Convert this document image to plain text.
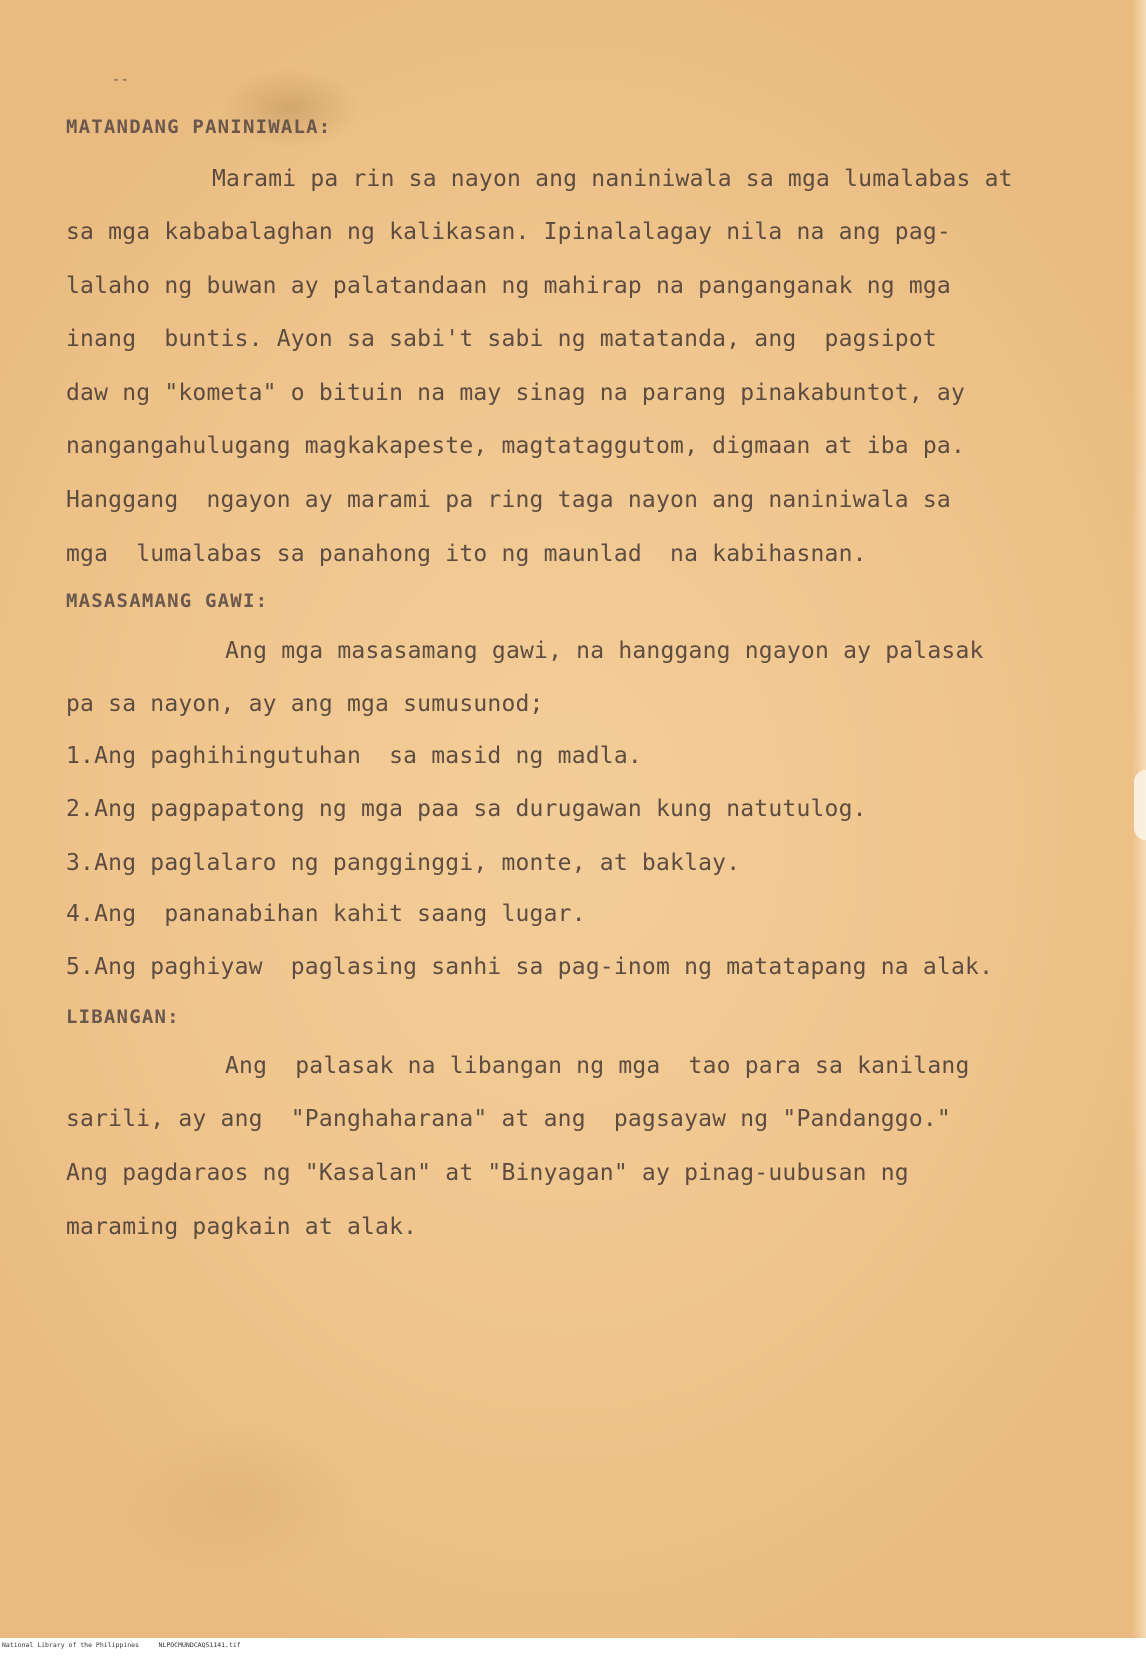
--
MATANDANG PANINIWALA:
Marami pa rin sa nayon ang naniniwala sa mga lumalabas at
sa mga kababalaghan ng kalikasan. Ipinalalagay nila na ang pag-
lalaho ng buwan ay palatandaan ng mahirap na panganganak ng mga
inang  buntis. Ayon sa sabi't sabi ng matatanda, ang  pagsipot
daw ng "kometa" o bituin na may sinag na parang pinakabuntot, ay
nangangahulugang magkakapeste, magtataggutom, digmaan at iba pa.
Hanggang  ngayon ay marami pa ring taga nayon ang naniniwala sa
mga  lumalabas sa panahong ito ng maunlad  na kabihasnan.
MASASAMANG GAWI:
Ang mga masasamang gawi, na hanggang ngayon ay palasak
pa sa nayon, ay ang mga sumusunod;
1.Ang paghihingutuhan  sa masid ng madla.
2.Ang pagpapatong ng mga paa sa durugawan kung natutulog.
3.Ang paglalaro ng pangginggi, monte, at baklay.
4.Ang  pananabihan kahit saang lugar.
5.Ang paghiyaw  paglasing sanhi sa pag-inom ng matatapang na alak.
LIBANGAN:
Ang  palasak na libangan ng mga  tao para sa kanilang
sarili, ay ang  "Panghaharana" at ang  pagsayaw ng "Pandanggo."
Ang pagdaraos ng "Kasalan" at "Binyagan" ay pinag-uubusan ng
maraming pagkain at alak.
National Library of the Philippines     NLPOCMUNDCAQ51141.tif
